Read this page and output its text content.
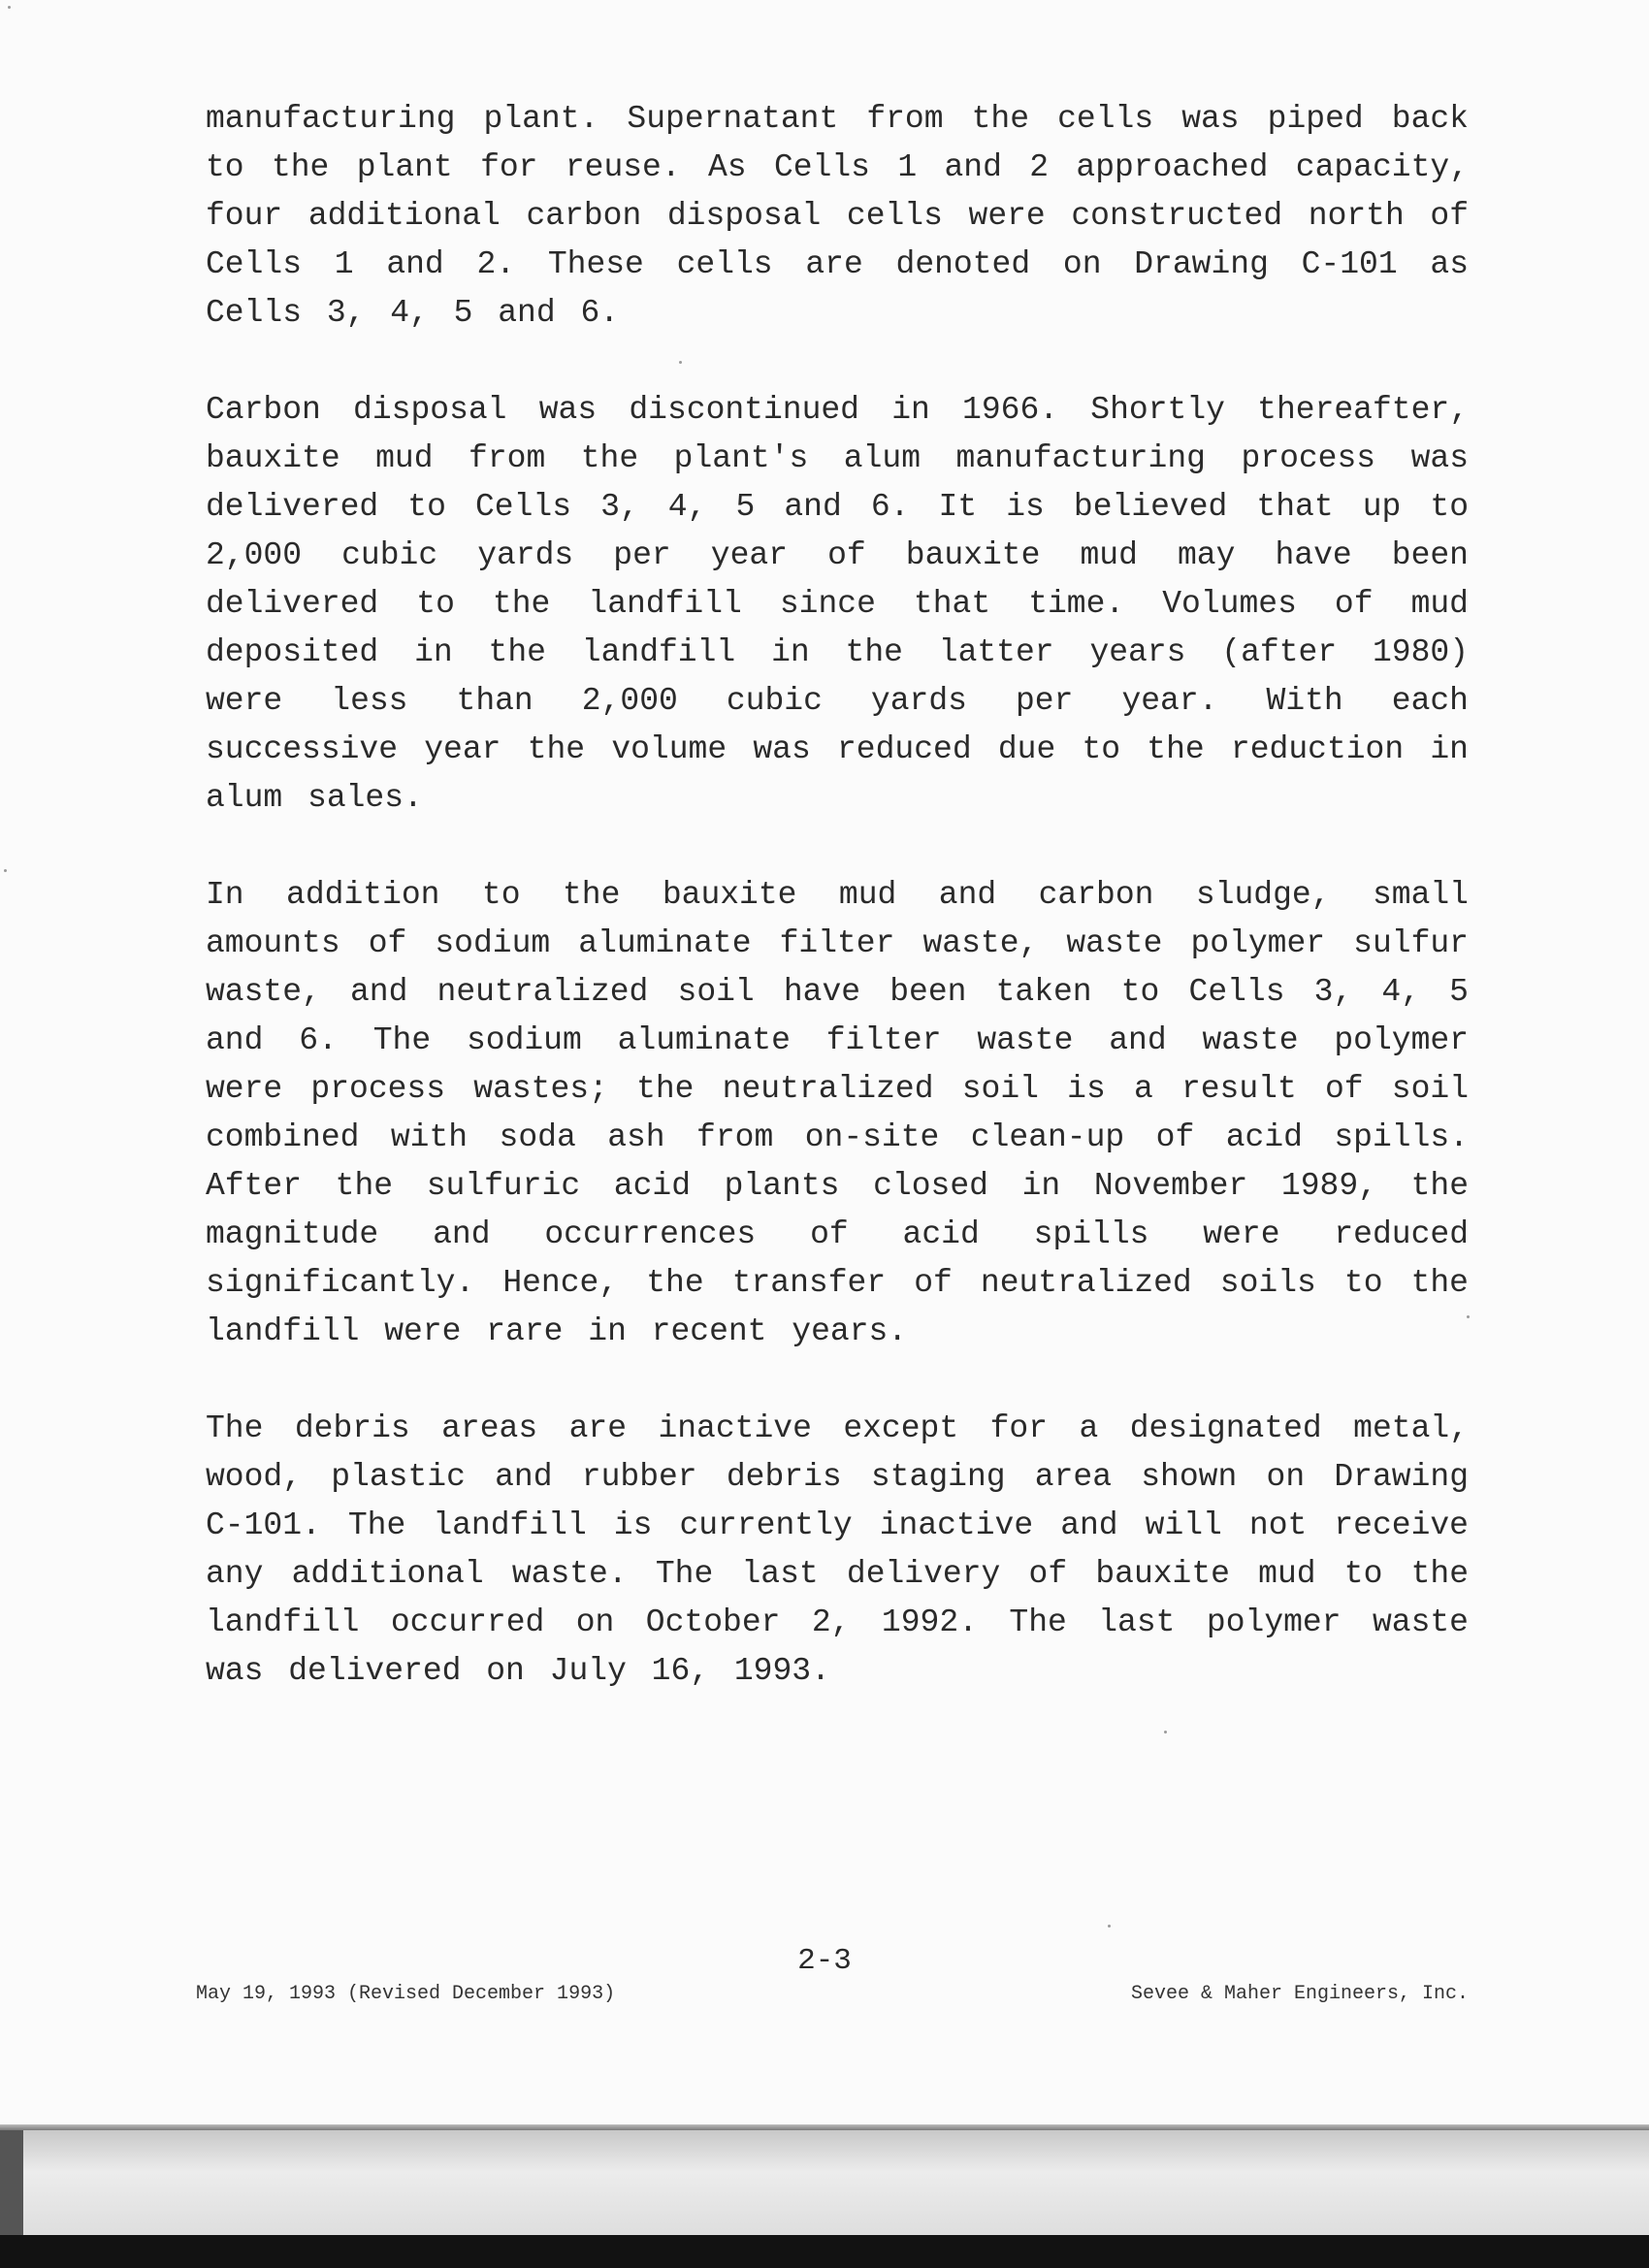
manufacturing plant. Supernatant from the cells was piped back to the plant for reuse. As Cells 1 and 2 approached capacity, four additional carbon disposal cells were constructed north of Cells 1 and 2. These cells are denoted on Drawing C-101 as Cells 3, 4, 5 and 6.

Carbon disposal was discontinued in 1966. Shortly thereafter, bauxite mud from the plant's alum manufacturing process was delivered to Cells 3, 4, 5 and 6. It is believed that up to 2,000 cubic yards per year of bauxite mud may have been delivered to the landfill since that time. Volumes of mud deposited in the landfill in the latter years (after 1980) were less than 2,000 cubic yards per year. With each successive year the volume was reduced due to the reduction in alum sales.

In addition to the bauxite mud and carbon sludge, small amounts of sodium aluminate filter waste, waste polymer sulfur waste, and neutralized soil have been taken to Cells 3, 4, 5 and 6. The sodium aluminate filter waste and waste polymer were process wastes; the neutralized soil is a result of soil combined with soda ash from on-site clean-up of acid spills. After the sulfuric acid plants closed in November 1989, the magnitude and occurrences of acid spills were reduced significantly. Hence, the transfer of neutralized soils to the landfill were rare in recent years.

The debris areas are inactive except for a designated metal, wood, plastic and rubber debris staging area shown on Drawing C-101. The landfill is currently inactive and will not receive any additional waste. The last delivery of bauxite mud to the landfill occurred on October 2, 1992. The last polymer waste was delivered on July 16, 1993.

2-3
May 19, 1993 (Revised December 1993)	Sevee & Maher Engineers, Inc.
